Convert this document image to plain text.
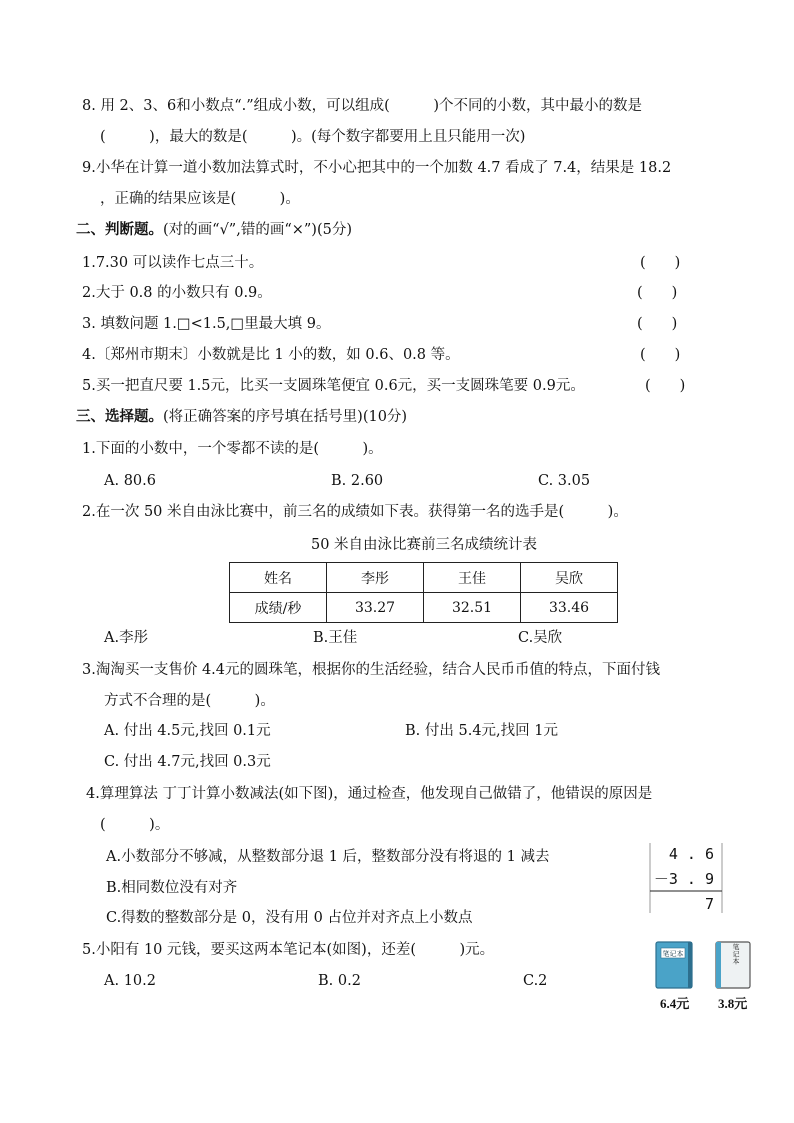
8. 用 2、3、6和小数点“.”组成小数，可以组成(　　　)个不同的小数，其中最小的数是
(　　　)，最大的数是(　　　)。(每个数字都要用上且只能用一次)
9.小华在计算一道小数加法算式时，不小心把其中的一个加数 4.7 看成了 7.4，结果是 18.2
，正确的结果应该是(　　　)。
二、判断题。(对的画“√”,错的画“×”)(5分)
1.7.30 可以读作七点三十。	(　　)
2.大于 0.8 的小数只有 0.9。	(　　)
3. 填数问题 1.□<1.5,□里最大填 9。	(　　)
4.〔郑州市期末〕小数就是比 1 小的数，如 0.6、0.8 等。	(　　)
5.买一把直尺要 1.5元，比买一支圆珠笔便宜 0.6元，买一支圆珠笔要 0.9元。	(　　)
三、选择题。(将正确答案的序号填在括号里)(10分)
1.下面的小数中，一个零都不读的是(　　　)。
A. 80.6	B. 2.60	C. 3.05
2.在一次 50 米自由泳比赛中，前三名的成绩如下表。获得第一名的选手是(　　　)。
50 米自由泳比赛前三名成绩统计表
姓名	李彤	王佳	吴欣
成绩/秒	33.27	32.51	33.46
A.李彤	B.王佳	C.吴欣
3.淘淘买一支售价 4.4元的圆珠笔，根据你的生活经验，结合人民币币值的特点，下面付钱
方式不合理的是(　　　)。
A. 付出 4.5元,找回 0.1元	B. 付出 5.4元,找回 1元
C. 付出 4.7元,找回 0.3元
4.算理算法 丁丁计算小数减法(如下图)，通过检查，他发现自己做错了，他错误的原因是
(　　　)。
A.小数部分不够减，从整数部分退 1 后，整数部分没有将退的 1 减去
B.相同数位没有对齐
C.得数的整数部分是 0，没有用 0 占位并对齐点上小数点
4 . 6
－3 . 9
7
5.小阳有 10 元钱，要买这两本笔记本(如图)，还差(　　　)元。
A. 10.2	B. 0.2	C.2
笔记本
6.4元
笔记本
3.8元
